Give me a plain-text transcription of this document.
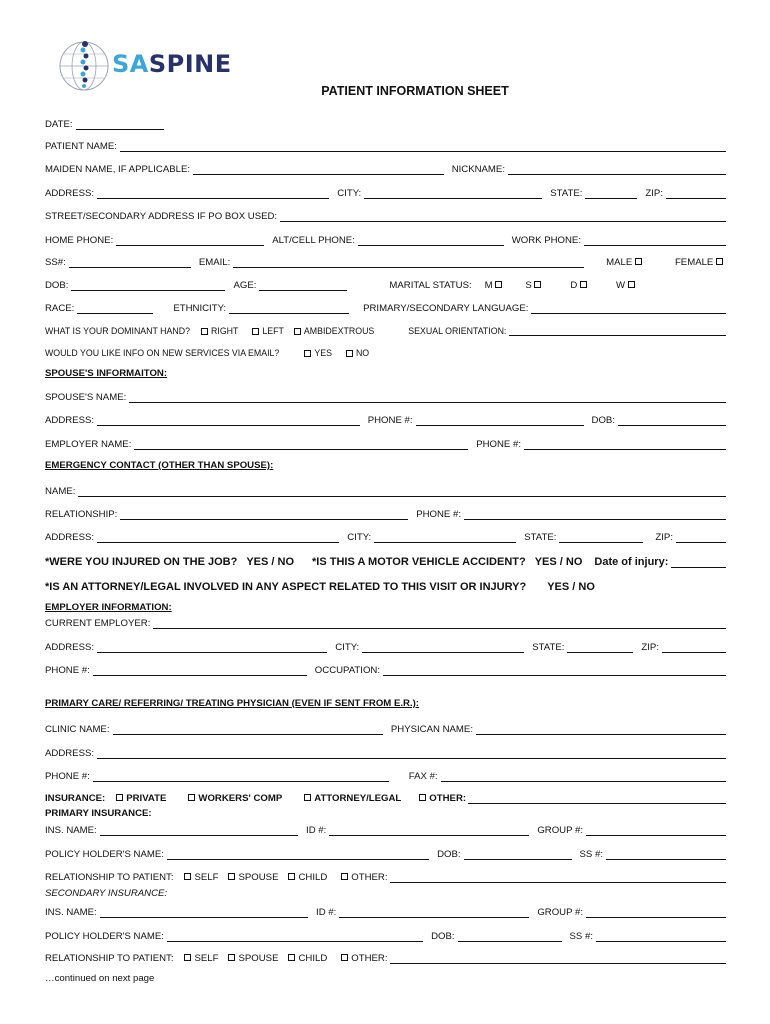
SASPINE
PATIENT INFORMATION SHEET
DATE:
PATIENT NAME:
MAIDEN NAME, IF APPLICABLE:	NICKNAME:
ADDRESS:	CITY:	STATE:	ZIP:
STREET/SECONDARY ADDRESS IF PO BOX USED:
HOME PHONE:	ALT/CELL PHONE:	WORK PHONE:
SS#:	EMAIL:	MALE	FEMALE
DOB:	AGE:	MARITAL STATUS:	M	S	D	W
RACE:	ETHNICITY:	PRIMARY/SECONDARY LANGUAGE:
WHAT IS YOUR DOMINANT HAND?	RIGHT	LEFT	AMBIDEXTROUS	SEXUAL ORIENTATION:
WOULD YOU LIKE INFO ON NEW SERVICES VIA EMAIL?	YES	NO
SPOUSE'S INFORMAITON:
SPOUSE'S NAME:
ADDRESS:	PHONE #:	DOB:
EMPLOYER NAME:	PHONE #:
EMERGENCY CONTACT (OTHER THAN SPOUSE):
NAME:
RELATIONSHIP:	PHONE #:
ADDRESS:	CITY:	STATE:	ZIP:
*WERE YOU INJURED ON THE JOB? YES / NO *IS THIS A MOTOR VEHICLE ACCIDENT? YES / NO Date of injury:
*IS AN ATTORNEY/LEGAL INVOLVED IN ANY ASPECT RELATED TO THIS VISIT OR INJURY? YES / NO
EMPLOYER INFORMATION:
CURRENT EMPLOYER:
ADDRESS:	CITY:	STATE:	ZIP:
PHONE #:	OCCUPATION:
PRIMARY CARE/ REFERRING/ TREATING PHYSICIAN (EVEN IF SENT FROM E.R.):
CLINIC NAME:	PHYSICAN NAME:
ADDRESS:
PHONE #:	FAX #:
INSURANCE:	PRIVATE	WORKERS' COMP	ATTORNEY/LEGAL	OTHER:
PRIMARY INSURANCE:
INS. NAME:	ID #:	GROUP #:
POLICY HOLDER'S NAME:	DOB:	SS #:
RELATIONSHIP TO PATIENT:	SELF	SPOUSE	CHILD	OTHER:
SECONDARY INSURANCE:
INS. NAME:	ID #:	GROUP #:
POLICY HOLDER'S NAME:	DOB:	SS #:
RELATIONSHIP TO PATIENT:	SELF	SPOUSE	CHILD	OTHER:
…continued on next page
